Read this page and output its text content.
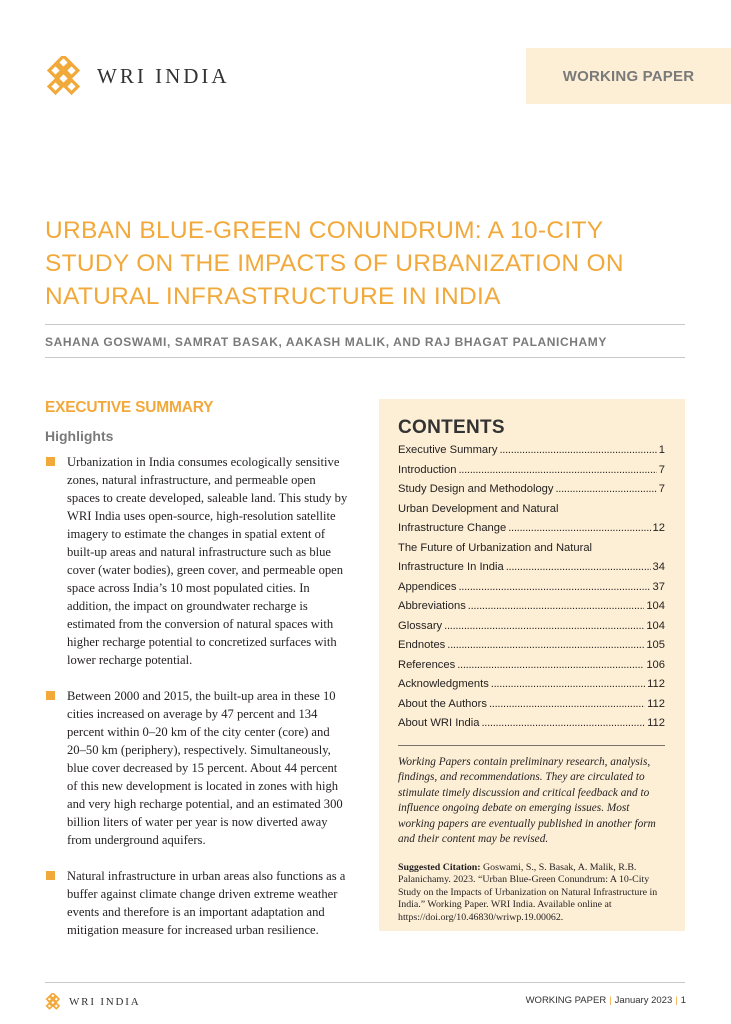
WRI INDIA	WORKING PAPER
URBAN BLUE-GREEN CONUNDRUM: A 10-CITY STUDY ON THE IMPACTS OF URBANIZATION ON NATURAL INFRASTRUCTURE IN INDIA
SAHANA GOSWAMI, SAMRAT BASAK, AAKASH MALIK, AND RAJ BHAGAT PALANICHAMY
EXECUTIVE SUMMARY
Highlights
Urbanization in India consumes ecologically sensitive zones, natural infrastructure, and permeable open spaces to create developed, saleable land. This study by WRI India uses open-source, high-resolution satellite imagery to estimate the changes in spatial extent of built-up areas and natural infrastructure such as blue cover (water bodies), green cover, and permeable open space across India’s 10 most populated cities. In addition, the impact on groundwater recharge is estimated from the conversion of natural spaces with higher recharge potential to concretized surfaces with lower recharge potential.
Between 2000 and 2015, the built-up area in these 10 cities increased on average by 47 percent and 134 percent within 0–20 km of the city center (core) and 20–50 km (periphery), respectively. Simultaneously, blue cover decreased by 15 percent. About 44 percent of this new development is located in zones with high and very high recharge potential, and an estimated 300 billion liters of water per year is now diverted away from underground aquifers.
Natural infrastructure in urban areas also functions as a buffer against climate change driven extreme weather events and therefore is an important adaptation and mitigation measure for increased urban resilience.
CONTENTS
Executive Summary . . .	1
Introduction . . .	7
Study Design and Methodology . . .	7
Urban Development and Natural
Infrastructure Change . . .	12
The Future of Urbanization and Natural
Infrastructure In India . . .	34
Appendices . . .	37
Abbreviations . . .	104
Glossary . . .	104
Endnotes . . .	105
References . . .	106
Acknowledgments . . .	112
About the Authors . . .	112
About WRI India . . .	112

Working Papers contain preliminary research, analysis, findings, and recommendations. They are circulated to stimulate timely discussion and critical feedback and to influence ongoing debate on emerging issues. Most working papers are eventually published in another form and their content may be revised.

Suggested Citation: Goswami, S., S. Basak, A. Malik, R.B. Palanichamy. 2023. “Urban Blue-Green Conundrum: A 10-City Study on the Impacts of Urbanization on Natural Infrastructure in India.” Working Paper. WRI India. Available online at https://doi.org/10.46830/wriwp.19.00062.

WRI INDIA	WORKING PAPER | January 2023 | 1
